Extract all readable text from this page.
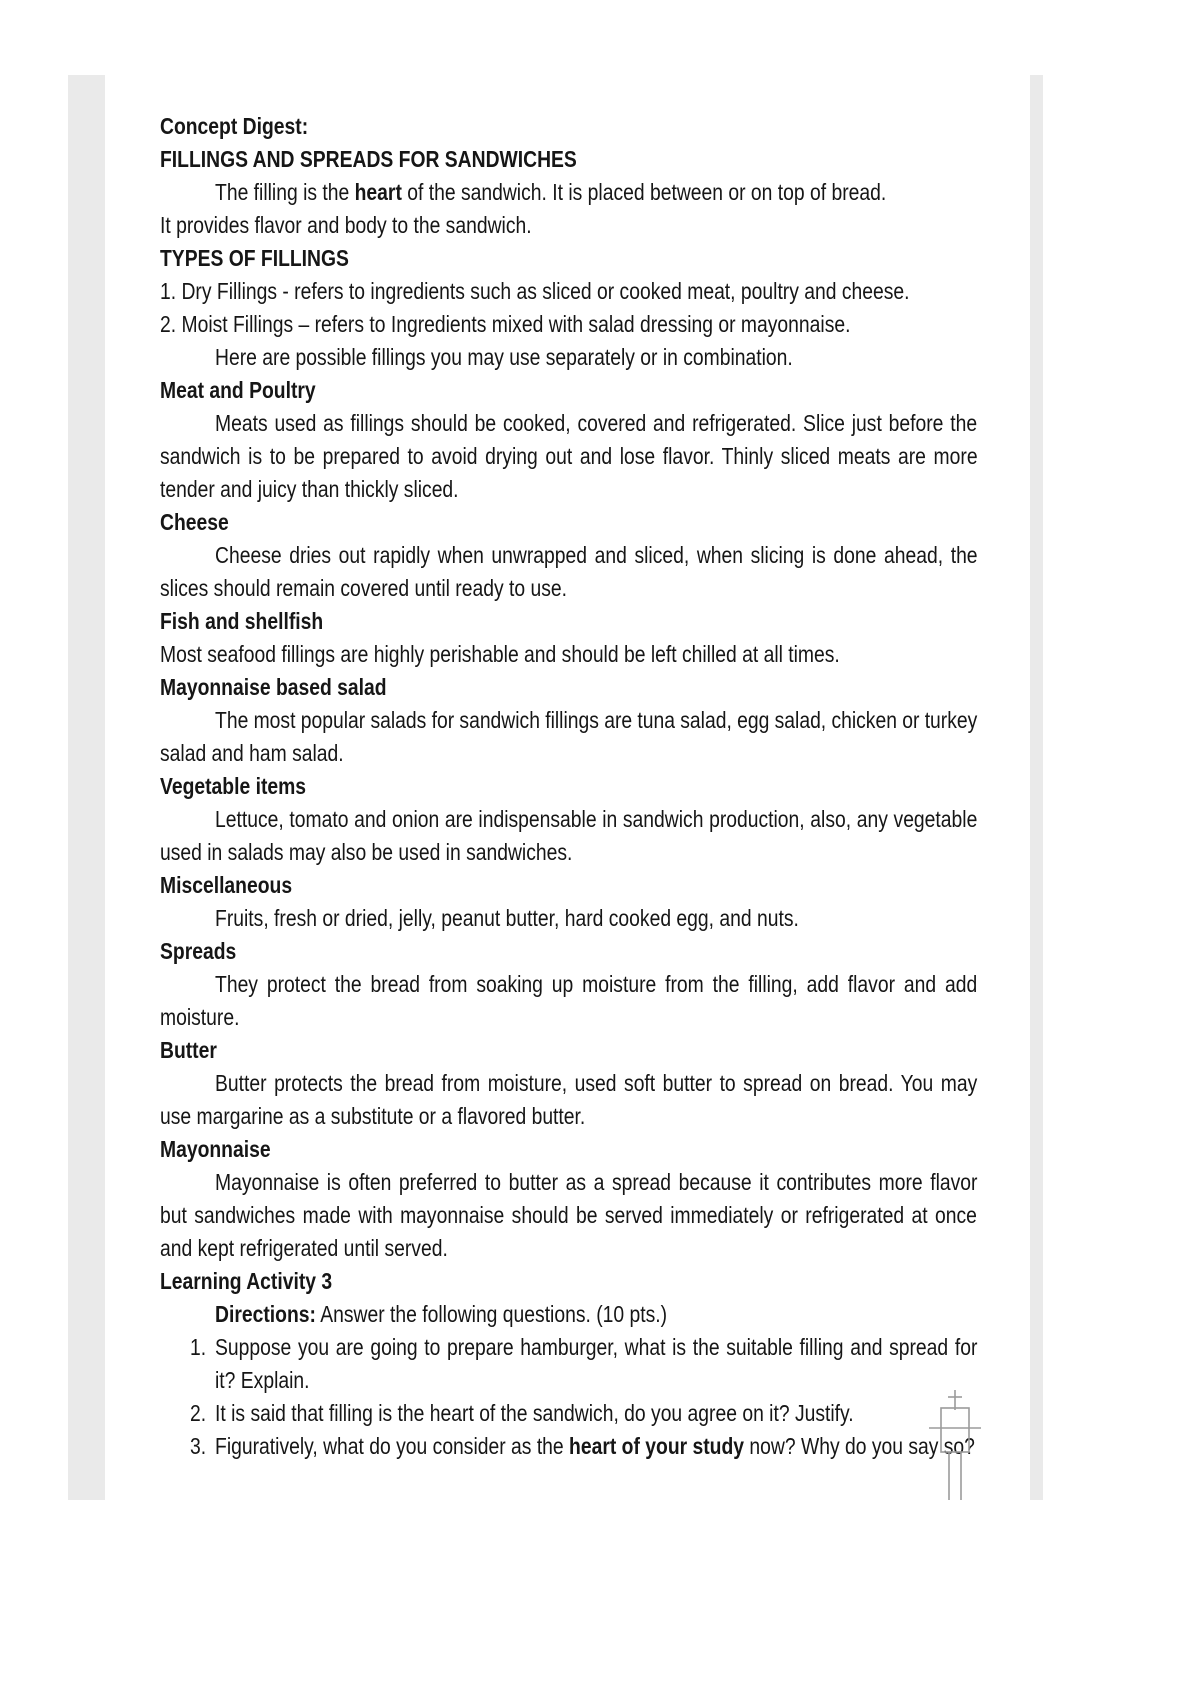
Concept Digest:
FILLINGS AND SPREADS FOR SANDWICHES
The filling is the heart of the sandwich. It is placed between or on top of bread.
It provides flavor and body to the sandwich.
TYPES OF FILLINGS
1. Dry Fillings - refers to ingredients such as sliced or cooked meat, poultry and cheese.
2. Moist Fillings – refers to Ingredients mixed with salad dressing or mayonnaise.
Here are possible fillings you may use separately or in combination.
Meat and Poultry
Meats used as fillings should be cooked, covered and refrigerated. Slice just before the
sandwich is to be prepared to avoid drying out and lose flavor. Thinly sliced meats are more
tender and juicy than thickly sliced.
Cheese
Cheese dries out rapidly when unwrapped and sliced, when slicing is done ahead, the
slices should remain covered until ready to use.
Fish and shellfish
Most seafood fillings are highly perishable and should be left chilled at all times.
Mayonnaise based salad
The most popular salads for sandwich fillings are tuna salad, egg salad, chicken or turkey
salad and ham salad.
Vegetable items
Lettuce, tomato and onion are indispensable in sandwich production, also, any vegetable
used in salads may also be used in sandwiches.
Miscellaneous
Fruits, fresh or dried, jelly, peanut butter, hard cooked egg, and nuts.
Spreads
They protect the bread from soaking up moisture from the filling, add flavor and add
moisture.
Butter
Butter protects the bread from moisture, used soft butter to spread on bread. You may
use margarine as a substitute or a flavored butter.
Mayonnaise
Mayonnaise is often preferred to butter as a spread because it contributes more flavor
but sandwiches made with mayonnaise should be served immediately or refrigerated at once
and kept refrigerated until served.
Learning Activity 3
Directions: Answer the following questions. (10 pts.)
1. Suppose you are going to prepare hamburger, what is the suitable filling and spread for
it? Explain.
2. It is said that filling is the heart of the sandwich, do you agree on it? Justify.
3. Figuratively, what do you consider as the heart of your study now? Why do you say so?
